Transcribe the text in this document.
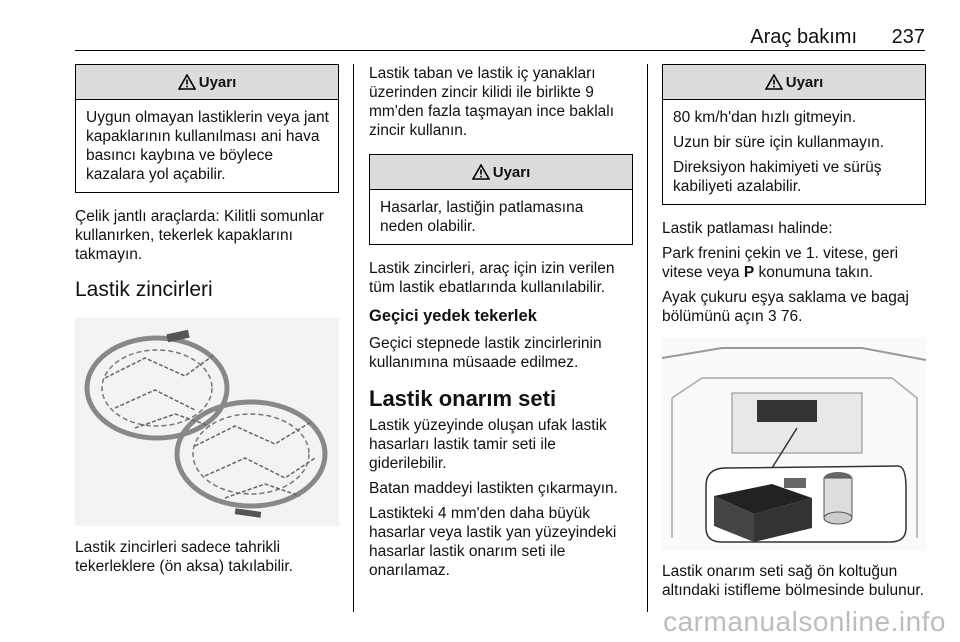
Araç bakımı 237
Uyarı

Uygun olmayan lastiklerin veya jant kapaklarının kullanılması ani hava basıncı kaybına ve böylece kazalara yol açabilir.

Çelik jantlı araçlarda: Kilitli somunlar kullanırken, tekerlek kapaklarını takmayın.

Lastik zincirleri

Lastik zincirleri sadece tahrikli tekerleklere (ön aksa) takılabilir.

Lastik taban ve lastik iç yanakları üzerinden zincir kilidi ile birlikte 9 mm'den fazla taşmayan ince baklalı zincir kullanın.

Uyarı

Hasarlar, lastiğin patlamasına neden olabilir.

Lastik zincirleri, araç için izin verilen tüm lastik ebatlarında kullanılabilir.

Geçici yedek tekerlek

Geçici stepnede lastik zincirlerinin kullanımına müsaade edilmez.

Lastik onarım seti

Lastik yüzeyinde oluşan ufak lastik hasarları lastik tamir seti ile giderilebilir.

Batan maddeyi lastikten çıkarmayın.

Lastikteki 4 mm'den daha büyük hasarlar veya lastik yan yüzeyindeki hasarlar lastik onarım seti ile onarılamaz.

Uyarı

80 km/h'dan hızlı gitmeyin.

Uzun bir süre için kullanmayın.

Direksiyon hakimiyeti ve sürüş kabiliyeti azalabilir.

Lastik patlaması halinde:

Park frenini çekin ve 1. vitese, geri vitese veya P konumuna takın.

Ayak çukuru eşya saklama ve bagaj bölümünü açın 3 76.

Lastik onarım seti sağ ön koltuğun altındaki istifleme bölmesinde bulunur.

carmanualsonline.info
